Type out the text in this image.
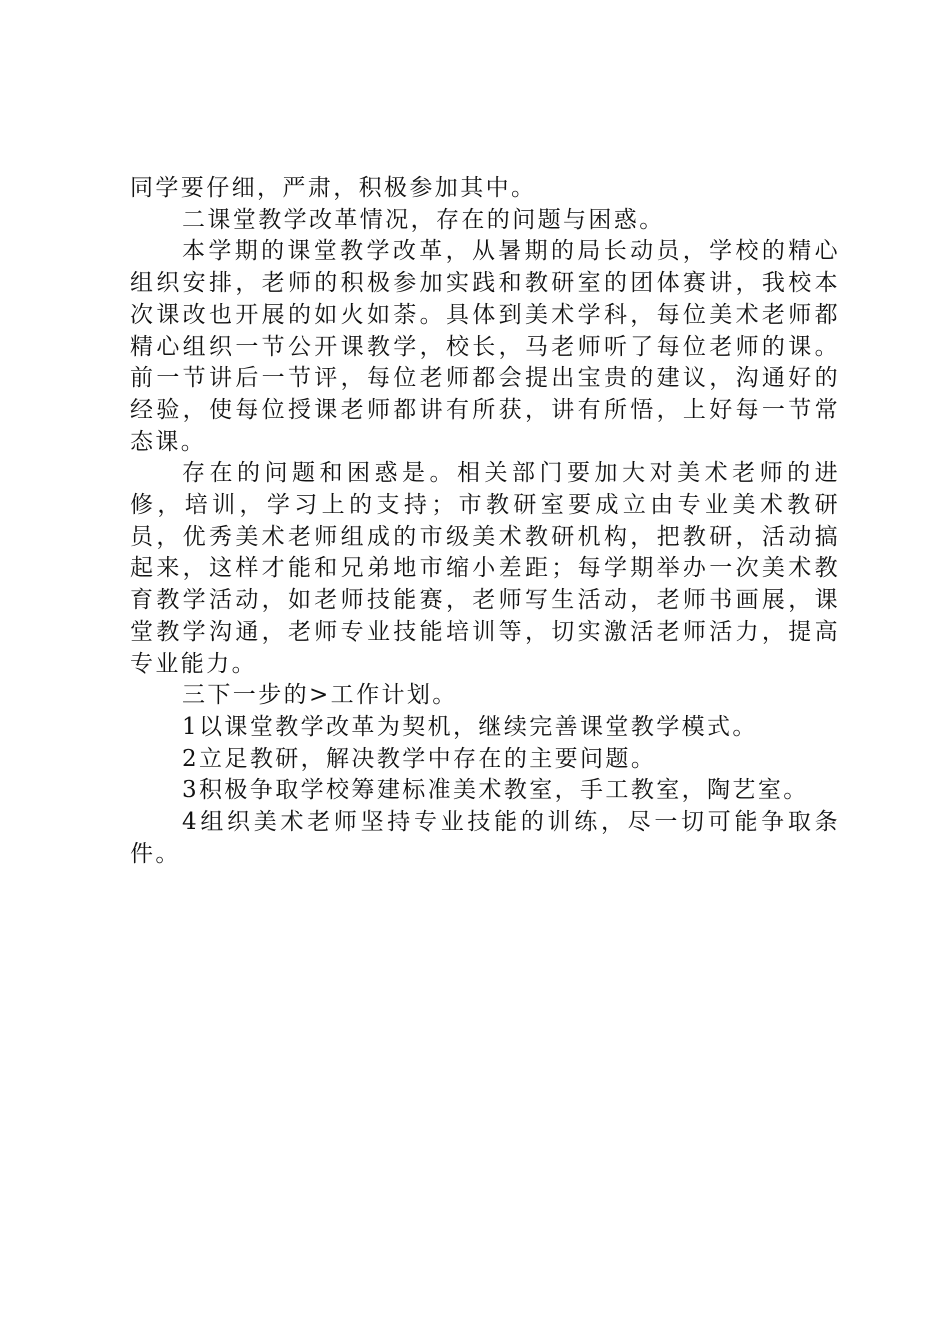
同学要仔细，严肃，积极参加其中。

二课堂教学改革情况，存在的问题与困惑。

本学期的课堂教学改革，从暑期的局长动员，学校的精心组织安排，老师的积极参加实践和教研室的团体赛讲，我校本次课改也开展的如火如荼。具体到美术学科，每位美术老师都精心组织一节公开课教学，校长，马老师听了每位老师的课。前一节讲后一节评，每位老师都会提出宝贵的建议，沟通好的经验，使每位授课老师都讲有所获，讲有所悟，上好每一节常态课。

存在的问题和困惑是。相关部门要加大对美术老师的进修，培训，学习上的支持；市教研室要成立由专业美术教研员，优秀美术老师组成的市级美术教研机构，把教研，活动搞起来，这样才能和兄弟地市缩小差距；每学期举办一次美术教育教学活动，如老师技能赛，老师写生活动，老师书画展，课堂教学沟通，老师专业技能培训等，切实激活老师活力，提高专业能力。

三下一步的>工作计划。

1以课堂教学改革为契机，继续完善课堂教学模式。

2立足教研，解决教学中存在的主要问题。

3积极争取学校筹建标准美术教室，手工教室，陶艺室。

4组织美术老师坚持专业技能的训练，尽一切可能争取条件。
